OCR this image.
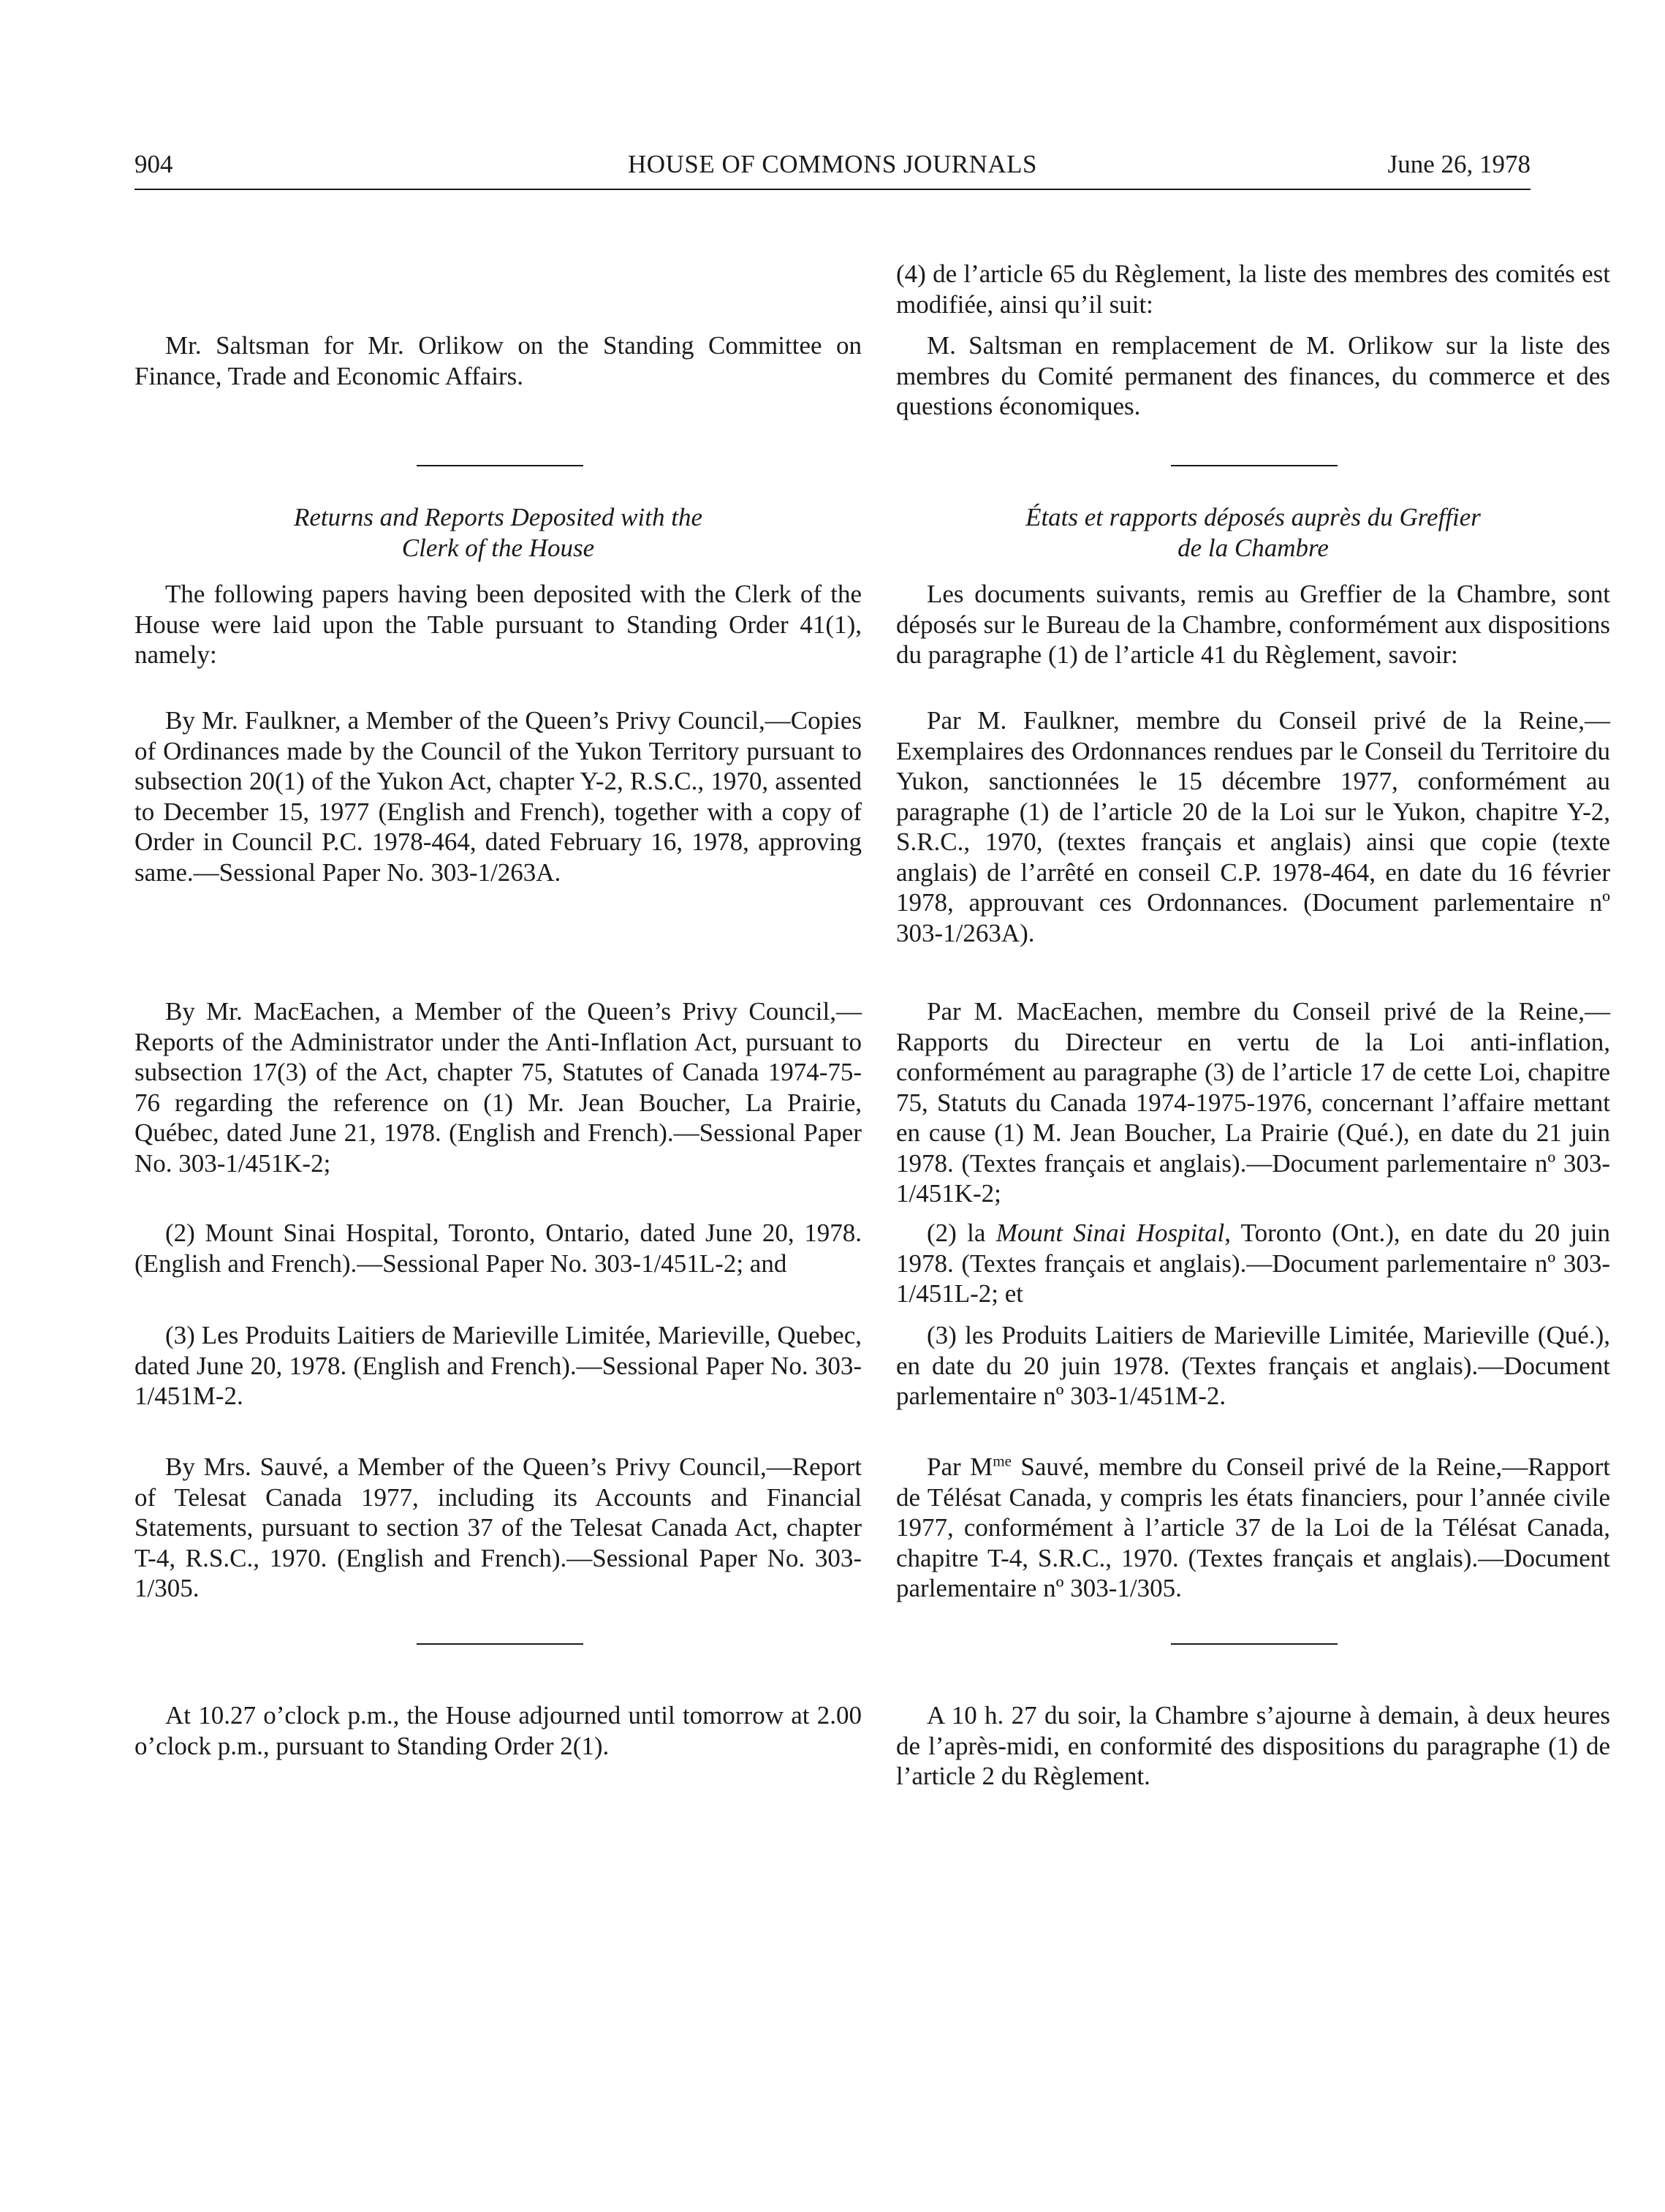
904	HOUSE OF COMMONS JOURNALS	June 26, 1978

(4) de l’article 65 du Règlement, la liste des membres des comités est modifiée, ainsi qu’il suit:

M. Saltsman en remplacement de M. Orlikow sur la liste des membres du Comité permanent des finances, du commerce et des questions économiques.

États et rapports déposés auprès du Greffier
de la Chambre

Les documents suivants, remis au Greffier de la Chambre, sont déposés sur le Bureau de la Chambre, conformément aux dispositions du paragraphe (1) de l’article 41 du Règlement, savoir:

Par M. Faulkner, membre du Conseil privé de la Reine,—Exemplaires des Ordonnances rendues par le Conseil du Territoire du Yukon, sanctionnées le 15 décembre 1977, conformément au paragraphe (1) de l’article 20 de la Loi sur le Yukon, chapitre Y-2, S.R.C., 1970, (textes français et anglais) ainsi que copie (texte anglais) de l’arrêté en conseil C.P. 1978-464, en date du 16 février 1978, approuvant ces Ordonnances. (Document parlementaire nº 303-1/263A).

Par M. MacEachen, membre du Conseil privé de la Reine,—Rapports du Directeur en vertu de la Loi anti-inflation, conformément au paragraphe (3) de l’article 17 de cette Loi, chapitre 75, Statuts du Canada 1974-1975-1976, concernant l’affaire mettant en cause (1) M. Jean Boucher, La Prairie (Qué.), en date du 21 juin 1978. (Textes français et anglais).—Document parlementaire nº 303-1/451K-2;

(2) la Mount Sinai Hospital, Toronto (Ont.), en date du 20 juin 1978. (Textes français et anglais).—Document parlementaire nº 303-1/451L-2; et

(3) les Produits Laitiers de Marieville Limitée, Marieville (Qué.), en date du 20 juin 1978. (Textes français et anglais).—Document parlementaire nº 303-1/451M-2.

Par $M^{me}$ Sauvé, membre du Conseil privé de la Reine,—Rapport de Télésat Canada, y compris les états financiers, pour l’année civile 1977, conformément à l’article 37 de la Loi de la Télésat Canada, chapitre T-4, S.R.C., 1970. (Textes français et anglais).—Document parlementaire nº 303-1/305.

A 10 h. 27 du soir, la Chambre s’ajourne à demain, à deux heures de l’après-midi, en conformité des dispositions du paragraphe (1) de l’article 2 du Règlement.

Mr. Saltsman for Mr. Orlikow on the Standing Committee on Finance, Trade and Economic Affairs.

Returns and Reports Deposited with the
Clerk of the House

The following papers having been deposited with the Clerk of the House were laid upon the Table pursuant to Standing Order 41(1), namely:

By Mr. Faulkner, a Member of the Queen’s Privy Council,—Copies of Ordinances made by the Council of the Yukon Territory pursuant to subsection 20(1) of the Yukon Act, chapter Y-2, R.S.C., 1970, assented to December 15, 1977 (English and French), together with a copy of Order in Council P.C. 1978-464, dated February 16, 1978, approving same.—Sessional Paper No. 303-1/263A.

By Mr. MacEachen, a Member of the Queen’s Privy Council,—Reports of the Administrator under the Anti-Inflation Act, pursuant to subsection 17(3) of the Act, chapter 75, Statutes of Canada 1974-75-76 regarding the reference on (1) Mr. Jean Boucher, La Prairie, Québec, dated June 21, 1978. (English and French).—Sessional Paper No. 303-1/451K-2;

(2) Mount Sinai Hospital, Toronto, Ontario, dated June 20, 1978. (English and French).—Sessional Paper No. 303-1/451L-2; and

(3) Les Produits Laitiers de Marieville Limitée, Marieville, Quebec, dated June 20, 1978. (English and French).—Sessional Paper No. 303-1/451M-2.

By Mrs. Sauvé, a Member of the Queen’s Privy Council,—Report of Telesat Canada 1977, including its Accounts and Financial Statements, pursuant to section 37 of the Telesat Canada Act, chapter T-4, R.S.C., 1970. (English and French).—Sessional Paper No. 303-1/305.

At 10.27 o’clock p.m., the House adjourned until tomorrow at 2.00 o’clock p.m., pursuant to Standing Order 2(1).
